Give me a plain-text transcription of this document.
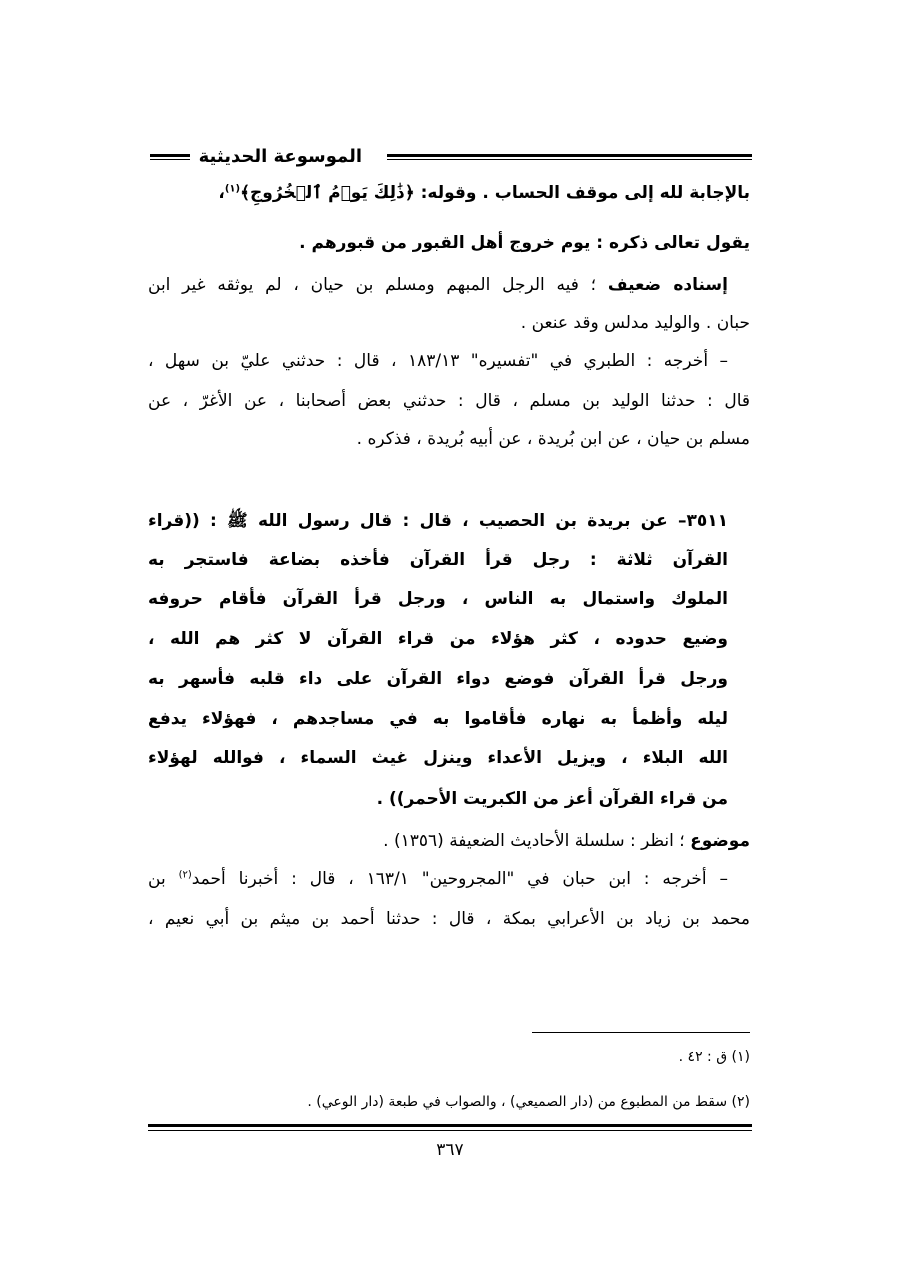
الموسوعة الحديثية
بالإجابة لله إلى موقف الحساب . وقوله: ﴿ذَٰلِكَ يَوۡمُ ٱلۡخُرُوجِ﴾$^{(١)}$،
يقول تعالى ذكره : يوم خروج أهل القبور من قبورهم .
إسناده ضعيف ؛ فيه الرجل المبهم ومسلم بن حيان ، لم يوثقه غير ابن
حبان . والوليد مدلس وقد عنعن .
– أخرجه : الطبري في "تفسيره" ١٨٣/١٣ ، قال : حدثني عليّ بن سهل ،
قال : حدثنا الوليد بن مسلم ، قال : حدثني بعض أصحابنا ، عن الأغرّ ، عن
مسلم بن حيان ، عن ابن بُريدة ، عن أبيه بُريدة ، فذكره .
٣٥١١– عن بريدة بن الحصيب ، قال : قال رسول الله ﷺ : ((قراء
القرآن ثلاثة : رجل قرأ القرآن فأخذه بضاعة فاستجر به
الملوك واستمال به الناس ، ورجل قرأ القرآن فأقام حروفه
وضيع حدوده ، كثر هؤلاء من قراء القرآن لا كثر هم الله ،
ورجل قرأ القرآن فوضع دواء القرآن على داء قلبه فأسهر به
ليله وأظمأ به نهاره فأقاموا به في مساجدهم ، فهؤلاء يدفع
الله البلاء ، ويزيل الأعداء وينزل غيث السماء ، فوالله لهؤلاء
من قراء القرآن أعز من الكبريت الأحمر)) .
موضوع ؛ انظر : سلسلة الأحاديث الضعيفة (١٣٥٦) .
– أخرجه : ابن حبان في "المجروحين" ١٦٣/١ ، قال : أخبرنا أحمد$^{(٢)}$ بن
محمد بن زياد بن الأعرابي بمكة ، قال : حدثنا أحمد بن ميثم بن أبي نعيم ،
(١) ق : ٤٢ .
(٢) سقط من المطبوع من (دار الصميعي) ، والصواب في طبعة (دار الوعي) .
٣٦٧
